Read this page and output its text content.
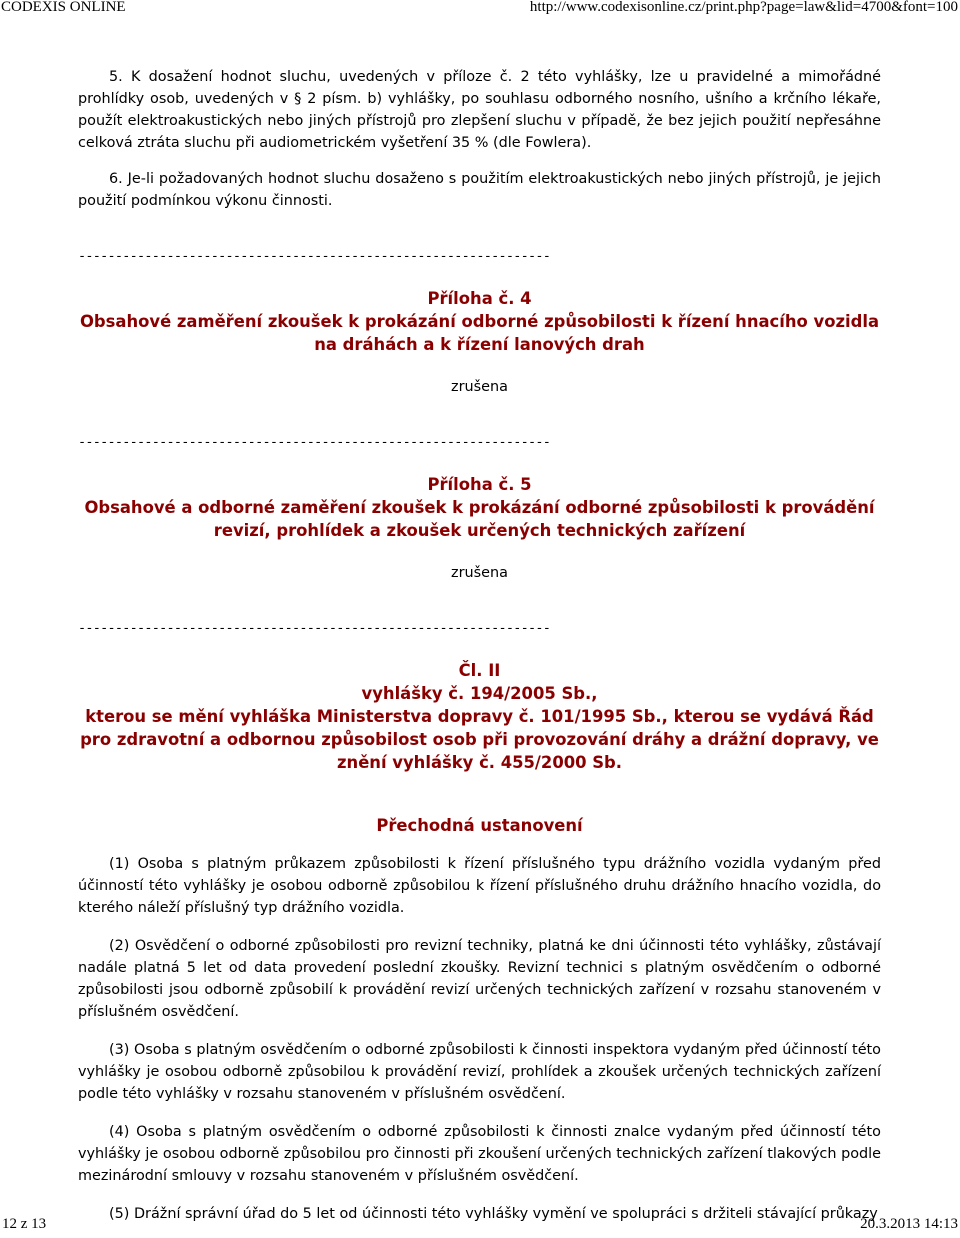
CODEXIS ONLINE	http://www.codexisonline.cz/print.php?page=law&lid=4700&font=100

5. K dosažení hodnot sluchu, uvedených v příloze č. 2 této vyhlášky, lze u pravidelné a mimořádné prohlídky osob, uvedených v § 2 písm. b) vyhlášky, po souhlasu odborného nosního, ušního a krčního lékaře, použít elektroakustických nebo jiných přístrojů pro zlepšení sluchu v případě, že bez jejich použití nepřesáhne celková ztráta sluchu při audiometrickém vyšetření 35 % (dle Fowlera).

6. Je-li požadovaných hodnot sluchu dosaženo s použitím elektroakustických nebo jiných přístrojů, je jejich použití podmínkou výkonu činnosti.

----------------------------------------------------------------

Příloha č. 4

Obsahové zaměření zkoušek k prokázání odborné způsobilosti k řízení hnacího vozidla na dráhách a k řízení lanových drah

zrušena
----------------------------------------------------------------

Příloha č. 5

Obsahové a odborné zaměření zkoušek k prokázání odborné způsobilosti k provádění revizí, prohlídek a zkoušek určených technických zařízení

zrušena
----------------------------------------------------------------

Čl. II

vyhlášky č. 194/2005 Sb.,

kterou se mění vyhláška Ministerstva dopravy č. 101/1995 Sb., kterou se vydává Řád pro zdravotní a odbornou způsobilost osob při provozování dráhy a drážní dopravy, ve znění vyhlášky č. 455/2000 Sb.

Přechodná ustanovení

(1) Osoba s platným průkazem způsobilosti k řízení příslušného typu drážního vozidla vydaným před účinností této vyhlášky je osobou odborně způsobilou k řízení příslušného druhu drážního hnacího vozidla, do kterého náleží příslušný typ drážního vozidla.

(2) Osvědčení o odborné způsobilosti pro revizní techniky, platná ke dni účinnosti této vyhlášky, zůstávají nadále platná 5 let od data provedení poslední zkoušky. Revizní technici s platným osvědčením o odborné způsobilosti jsou odborně způsobilí k provádění revizí určených technických zařízení v rozsahu stanoveném v příslušném osvědčení.

(3) Osoba s platným osvědčením o odborné způsobilosti k činnosti inspektora vydaným před účinností této vyhlášky je osobou odborně způsobilou k provádění revizí, prohlídek a zkoušek určených technických zařízení podle této vyhlášky v rozsahu stanoveném v příslušném osvědčení.

(4) Osoba s platným osvědčením o odborné způsobilosti k činnosti znalce vydaným před účinností této vyhlášky je osobou odborně způsobilou pro činnosti při zkoušení určených technických zařízení tlakových podle mezinárodní smlouvy v rozsahu stanoveném v příslušném osvědčení.

(5) Drážní správní úřad do 5 let od účinnosti této vyhlášky vymění ve spolupráci s držiteli stávající průkazy

12 z 13	20.3.2013 14:13
